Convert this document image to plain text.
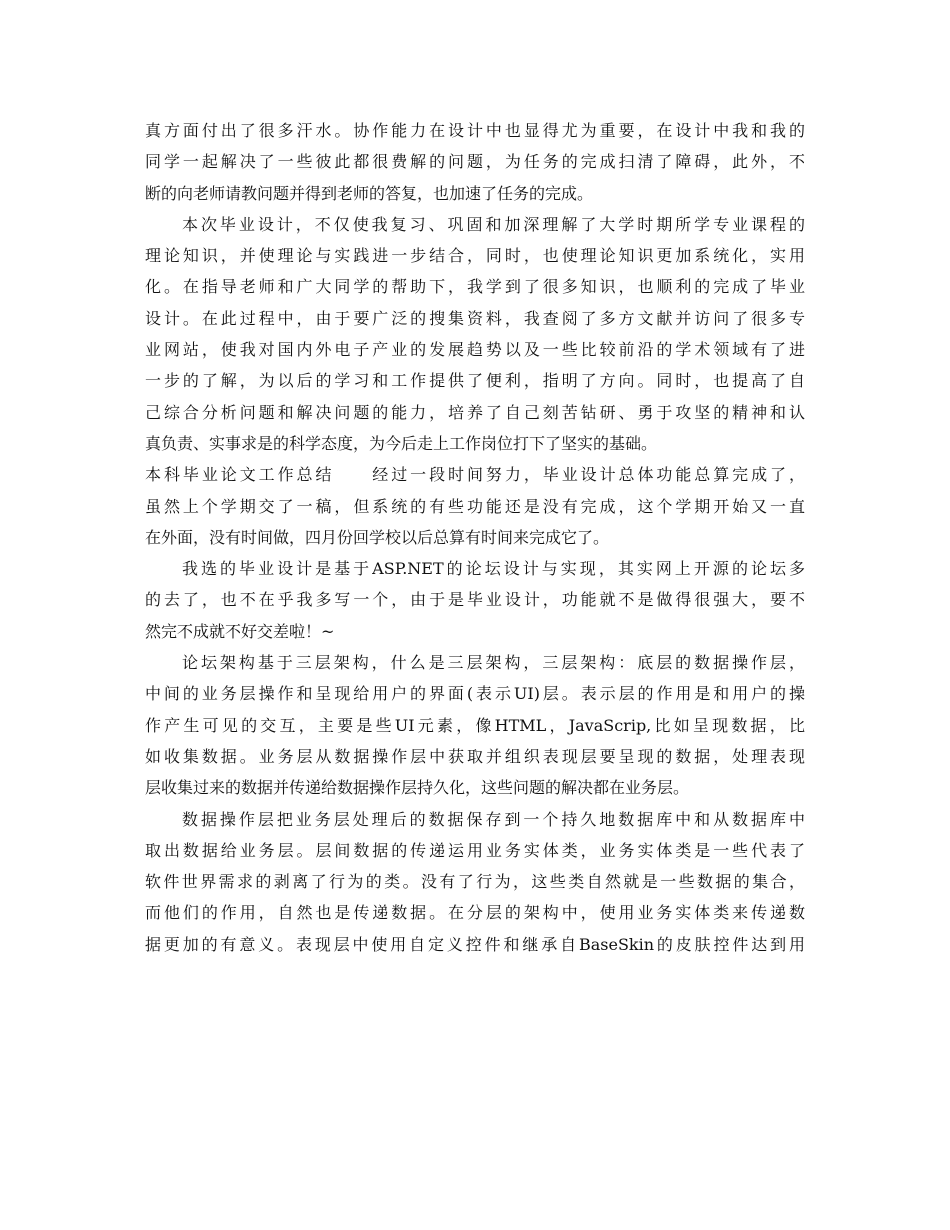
真方面付出了很多汗水。协作能力在设计中也显得尤为重要，在设计中我和我的
同学一起解决了一些彼此都很费解的问题，为任务的完成扫清了障碍，此外，不
断的向老师请教问题并得到老师的答复，也加速了任务的完成。
本次毕业设计，不仅使我复习、巩固和加深理解了大学时期所学专业课程的
理论知识，并使理论与实践进一步结合，同时，也使理论知识更加系统化，实用
化。在指导老师和广大同学的帮助下，我学到了很多知识，也顺利的完成了毕业
设计。在此过程中，由于要广泛的搜集资料，我查阅了多方文献并访问了很多专
业网站，使我对国内外电子产业的发展趋势以及一些比较前沿的学术领域有了进
一步的了解，为以后的学习和工作提供了便利，指明了方向。同时，也提高了自
己综合分析问题和解决问题的能力，培养了自己刻苦钻研、勇于攻坚的精神和认
真负责、实事求是的科学态度，为今后走上工作岗位打下了坚实的基础。
本科毕业论文工作总结　　经过一段时间努力，毕业设计总体功能总算完成了，
虽然上个学期交了一稿，但系统的有些功能还是没有完成，这个学期开始又一直
在外面，没有时间做，四月份回学校以后总算有时间来完成它了。
我选的毕业设计是基于ASP.NET的论坛设计与实现，其实网上开源的论坛多
的去了，也不在乎我多写一个，由于是毕业设计，功能就不是做得很强大，要不
然完不成就不好交差啦！~
论坛架构基于三层架构，什么是三层架构，三层架构：底层的数据操作层，
中间的业务层操作和呈现给用户的界面(表示UI)层。表示层的作用是和用户的操
作产生可见的交互，主要是些UI元素，像HTML，JavaScrip,比如呈现数据，比
如收集数据。业务层从数据操作层中获取并组织表现层要呈现的数据，处理表现
层收集过来的数据并传递给数据操作层持久化，这些问题的解决都在业务层。
数据操作层把业务层处理后的数据保存到一个持久地数据库中和从数据库中
取出数据给业务层。层间数据的传递运用业务实体类，业务实体类是一些代表了
软件世界需求的剥离了行为的类。没有了行为，这些类自然就是一些数据的集合，
而他们的作用，自然也是传递数据。在分层的架构中，使用业务实体类来传递数
据更加的有意义。表现层中使用自定义控件和继承自BaseSkin的皮肤控件达到用
